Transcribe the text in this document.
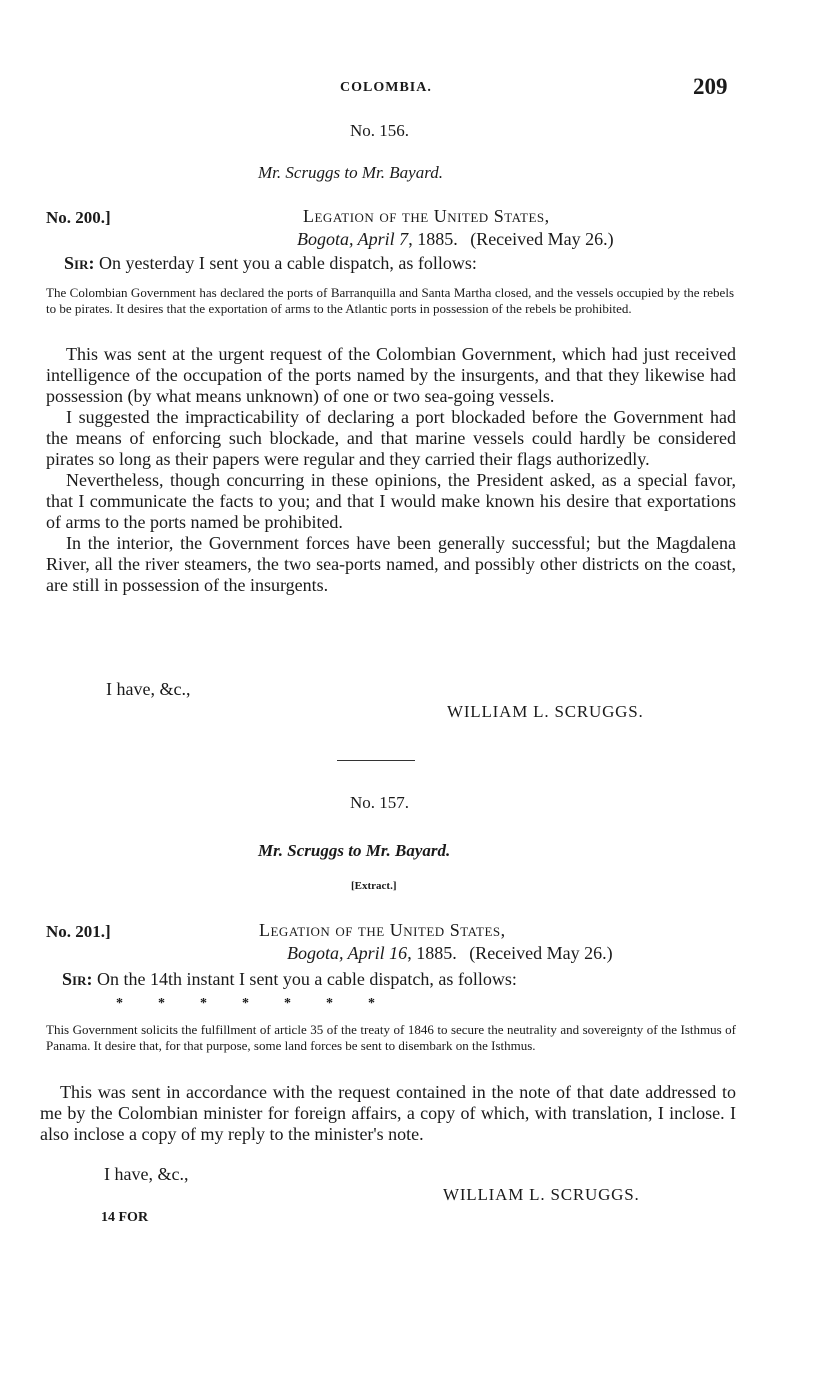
COLOMBIA.	209
No. 156.
Mr. Scruggs to Mr. Bayard.
No. 200.]	Legation of the United States,
Bogota, April 7, 1885. (Received May 26.)
Sir: On yesterday I sent you a cable dispatch, as follows:
The Colombian Government has declared the ports of Barranquilla and Santa Martha closed, and the vessels occupied by the rebels to be pirates. It desires that the exportation of arms to the Atlantic ports in possession of the rebels be prohibited.

This was sent at the urgent request of the Colombian Government, which had just received intelligence of the occupation of the ports named by the insurgents, and that they likewise had possession (by what means unknown) of one or two sea-going vessels.

I suggested the impracticability of declaring a port blockaded before the Government had the means of enforcing such blockade, and that marine vessels could hardly be considered pirates so long as their papers were regular and they carried their flags authorizedly.

Nevertheless, though concurring in these opinions, the President asked, as a special favor, that I communicate the facts to you; and that I would make known his desire that exportations of arms to the ports named be prohibited.

In the interior, the Government forces have been generally successful; but the Magdalena River, all the river steamers, the two sea-ports named, and possibly other districts on the coast, are still in possession of the insurgents.

I have, &c.,
WILLIAM L. SCRUGGS.
No. 157.
Mr. Scruggs to Mr. Bayard.
[Extract.]
No. 201.]	Legation of the United States,
Bogota, April 16, 1885. (Received May 26.)
Sir: On the 14th instant I sent you a cable dispatch, as follows:
*          *          *          *          *          *          *
This Government solicits the fulfillment of article 35 of the treaty of 1846 to secure the neutrality and sovereignty of the Isthmus of Panama. It desire that, for that purpose, some land forces be sent to disembark on the Isthmus.

This was sent in accordance with the request contained in the note of that date addressed to me by the Colombian minister for foreign affairs, a copy of which, with translation, I inclose. I also inclose a copy of my reply to the minister's note.

I have, &c.,
WILLIAM L. SCRUGGS.
14 FOR
